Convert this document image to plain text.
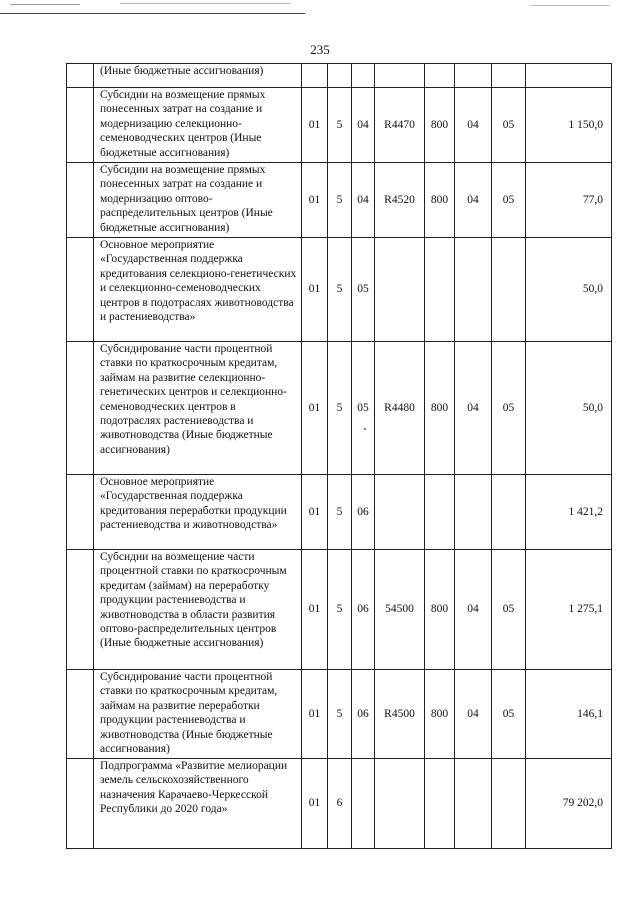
235
	(Иные бюджетные ассигнования)								
	Субсидии на возмещение прямых понесенных затрат на создание и модернизацию селекционно-семеноводческих центров (Иные бюджетные ассигнования)	01	5	04	R4470	800	04	05	1 150,0
	Субсидии на возмещение прямых понесенных затрат на создание и модернизацию оптово-распределительных центров (Иные бюджетные ассигнования)	01	5	04	R4520	800	04	05	77,0
	Основное мероприятие «Государственная поддержка кредитования селекционо-генетических и селекционно-семеноводческих центров в подотраслях животноводства и растениеводства»	01	5	05					50,0
	Субсидирование части процентной ставки по краткосрочным кредитам, займам на развитие селекционно-генетических центров и селекционно-семеноводческих центров в подотраслях растениеводства и животноводства (Иные бюджетные ассигнования)	01	5	05	R4480	800	04	05	50,0
	Основное мероприятие «Государственная поддержка кредитования переработки продукции растениеводства и животноводства»	01	5	06					1 421,2
	Субсидии на возмещение части процентной ставки по краткосрочным кредитам (займам) на переработку продукции растениеводства и животноводства в области развития оптово-распределительных центров (Иные бюджетные ассигнования)	01	5	06	54500	800	04	05	1 275,1
	Субсидирование части процентной ставки по краткосрочным кредитам, займам на развитие переработки продукции растениеводства и животноводства (Иные бюджетные ассигнования)	01	5	06	R4500	800	04	05	146,1
	Подпрограмма «Развитие мелиорации земель сельскохозяйственного назначения Карачаево-Черкесской Республики до 2020 года»	01	6						79 202,0
